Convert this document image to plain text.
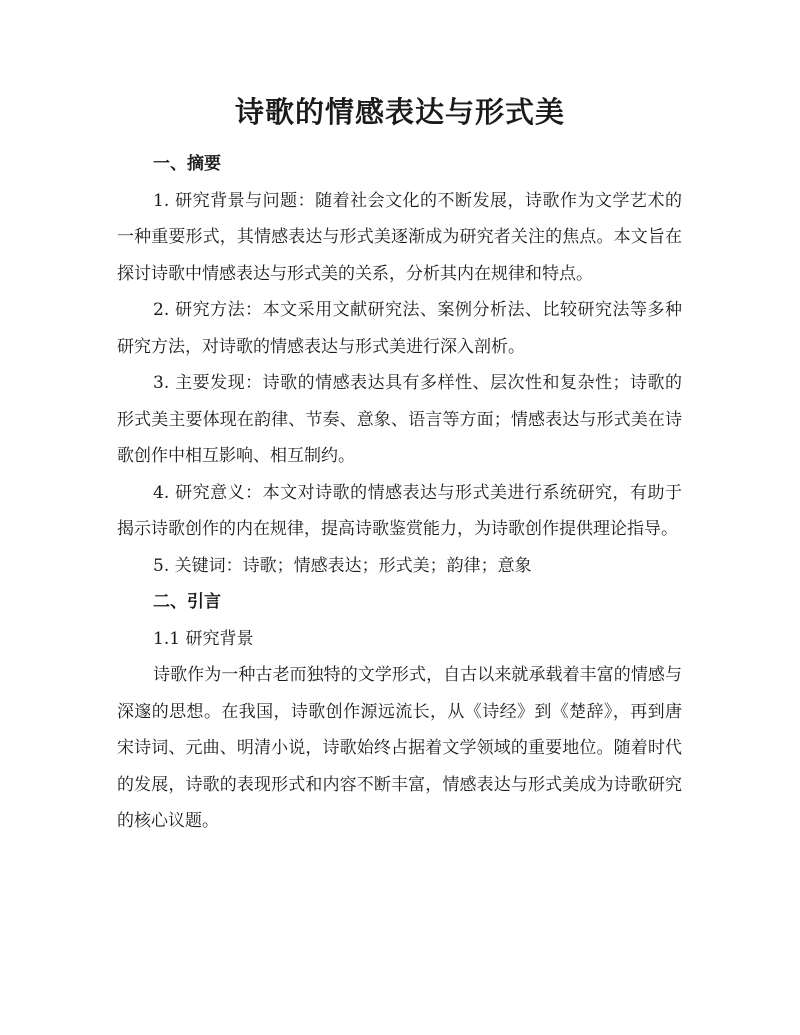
诗歌的情感表达与形式美

一、摘要

1. 研究背景与问题：随着社会文化的不断发展，诗歌作为文学艺术的一种重要形式，其情感表达与形式美逐渐成为研究者关注的焦点。本文旨在探讨诗歌中情感表达与形式美的关系，分析其内在规律和特点。

2. 研究方法：本文采用文献研究法、案例分析法、比较研究法等多种研究方法，对诗歌的情感表达与形式美进行深入剖析。

3. 主要发现：诗歌的情感表达具有多样性、层次性和复杂性；诗歌的形式美主要体现在韵律、节奏、意象、语言等方面；情感表达与形式美在诗歌创作中相互影响、相互制约。

4. 研究意义：本文对诗歌的情感表达与形式美进行系统研究，有助于揭示诗歌创作的内在规律，提高诗歌鉴赏能力，为诗歌创作提供理论指导。

5. 关键词：诗歌；情感表达；形式美；韵律；意象

二、引言

1.1 研究背景

诗歌作为一种古老而独特的文学形式，自古以来就承载着丰富的情感与深邃的思想。在我国，诗歌创作源远流长，从《诗经》到《楚辞》，再到唐宋诗词、元曲、明清小说，诗歌始终占据着文学领域的重要地位。随着时代的发展，诗歌的表现形式和内容不断丰富，情感表达与形式美成为诗歌研究的核心议题。
